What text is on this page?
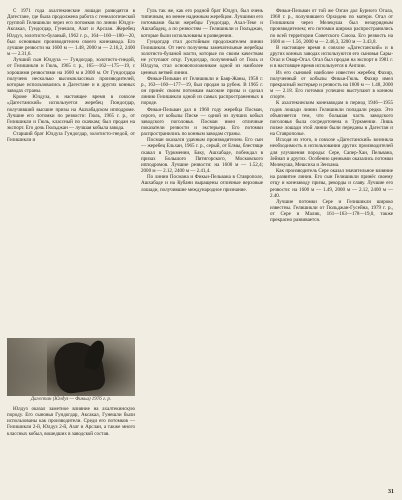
С 1971 года ахалтекинские лошади разводятся в Дагестане, где была продолжена работа с генеалогической группой Гелишикли через его потомков по линии Юлдуз-Аксакал, Гундогдар, Гунешли, Азат и Арслан. Жеребец Юлдуз, золотисто-буланый, 1962 г. р., 164—160—180—20, был основным производителем своего конезавода. Его лучшие резвости на 1600 м — 1.48, 2000 м — 2.16,2, 2400 м — 2.31,6.

Лучший сын Юлдуза — Гундогдар, золотисто-гнедой, от Гелишикли и Гюль, 1965 г. р., 165—162—175—19, с хорошими резвостями на 1600 м и 2000 м. От Гундогдара получено несколько высококлассных производителей, которые использовались в Дагестане и в других конных заводах страны.

Кроме Юлдуза, в настоящее время в совхозе «Дагестанский» используется жеребец Гюндогдар, получивший высшие призы на Ашхабадском ипподроме. Лучшие его потомки по резвости: Гюль, 1965 г. р., от Гелишикли и Гюль, классный по скачкам; был продан на экспорт. Его дочь Гюльджан — лучшая кобыла завода.

Старший брат Юлдуза Гундогдар, золотисто-гнедой, от Гелишикли и

Дагестан (Юлдуз — Фикьи) 1976 г. р.

Юлдуз оказал заметное влияние на ахалтекинскую породу. Его сыновья Гундогдар, Аксакал, Гунешли были использованы как производители. Среди его потомков — Гелишикли 2-й, Юлдуз 2-й, Азат и Арслан, а также много классных кобыл, вошедших в заводской состав.

Гуль так же, как его родной брат Юлдуз, был очень типичным, но менее надежным жеребцом. Лучшими его потомками были жеребцы Гундогдар, Ахал-Теке и Ашхабадец, а по резвостям — Гелишикли и Гюльджан, которые были использованы в разведении.

Гундогдар стал достойным продолжателем линии Гелишикли. От него получены замечательные жеребцы золотисто-буланой масти, которые по своим качествам не уступают отцу. Гундогдар, полученный от Гюль и Юлдуза, стал основоположником одной из наиболее ценных ветвей линии.

Фикьи-Пельван от Гелишикли и Баяр-Жаны, 1958 г. р., 163—160—177—19, был продан за рубеж. В 1965 г. он принёс своим потомкам высокие призы и сделал линию Гелишикли одной из самых распространенных в породе.

Фикьи-Пельван дал в 1960 году жеребца Посман, серого, от кобылы Писке — одной из лучших кобыл заводского поголовья. Посман имел отличные показатели резвости и экстерьера. Его потомки распространились по конным заводам страны.

Посман оказался удачным производителем. Его сын — жеребец Ельхан, 1965 г. р., серый, от Елмы, блестяще скакал в Туркмении, Баку, Ашхабаде, побеждал в призах Большого Пятигорского, Московского ипподромов. Лучшие резвости: на 1600 м — 1.52,4; 2000 м — 2.12, 2400 м — 2.41,4.

По линии Посмана и Фикьи-Пельвана в Ставрополе, Ашхабаде и на Кубани выращены отличные верховые лошади, получившие международное признание.

Фикьи-Пельван от той же Озган дал Бурного Огала, 1968 г. р., получившего Орхидею по матери. Огал от Гелишикли через Мелекуша был незаурядным производителем; его потомки широко распространились по всей территории Советского Союза. Его резвость на 1600 м — 1.56, 2000 м — 2.46,3, 3200 м — 3.43,8.

В настоящее время в совхозе «Дагестанский» и в других конных заводах используются его сыновья Сары-Огал и Омар-Огал. Огал был продан на экспорт в 1981 г. и в настоящее время используется в Англии.

Из его сыновей наиболее известен жеребец Фахир, полученный от кобылы Фикьи-Гюль. Фахир имел прекрасный экстерьер и резвость на 1600 м — 1.48, 2000 м — 2.18. Его потомки успешно выступают в конном спорте.

К ахалтекинским конезаводам в период 1946—1955 годов лошади линии Гелишикли попадали редко. Это объясняется тем, что большая часть заводского поголовья была сосредоточена в Туркмении. Лишь позже лошади этой линии были переданы в Дагестан и на Ставрополье.

Исходя из этого, в совхозе «Дагестанский» возникла необходимость в использовании других производителей для улучшения породы: Сере, Сапер-Хан, Пельвана, Зейнап и других. Особенно ценными оказались потомки Мелекуша, Мешсиха и Зенхама.

Как производитель Сере оказал значительное влияние на развитие линии. Его сын Гелишикли принёс своему отцу и конезаводу призы, рекорды и славу. Лучшие его резвости: на 1600 м — 1.49, 2000 м — 2.12, 2400 м — 2.40.

Лучшие потомки Сере и Гелишикли широко известны. Гелишикли от Гюльджан-Гусейна, 1979 г. р., от Сере и Малик, 161—163—178—19,0, также прекрасно развивается.

31
